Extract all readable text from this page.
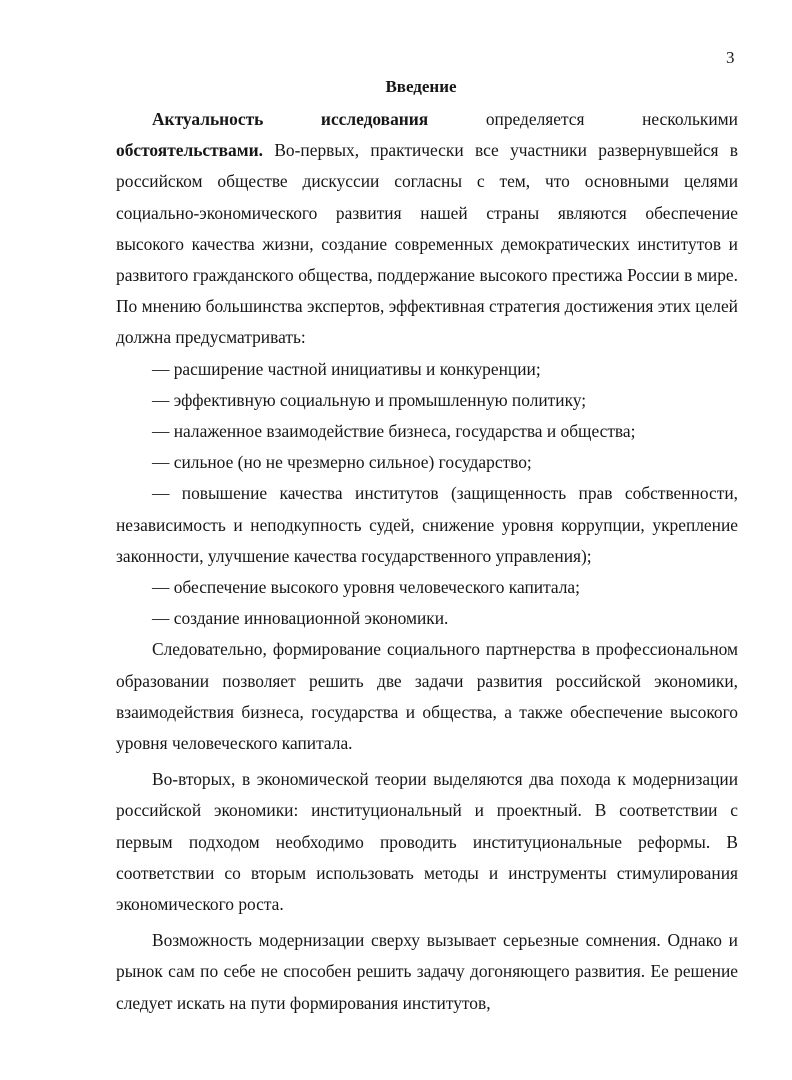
3
Введение
Актуальность	исследования	определяется	несколькими

обстоятельствами. Во-первых, практически все участники развернувшейся в российском обществе дискуссии согласны с тем, что основными целями социально-экономического развития нашей страны являются обеспечение высокого качества жизни, создание современных демократических институтов и развитого гражданского общества, поддержание высокого престижа России в мире. По мнению большинства экспертов, эффективная стратегия достижения этих целей должна предусматривать:

— расширение частной инициативы и конкуренции;

— эффективную социальную и промышленную политику;

— налаженное взаимодействие бизнеса, государства и общества;

— сильное (но не чрезмерно сильное) государство;

— повышение качества институтов (защищенность прав собственности, независимость и неподкупность судей, снижение уровня коррупции, укрепление законности, улучшение качества государственного управления);

— обеспечение высокого уровня человеческого капитала;

— создание инновационной экономики.

Следовательно, формирование социального партнерства в профессиональном образовании позволяет решить две задачи развития российской экономики, взаимодействия бизнеса, государства и общества, а также обеспечение высокого уровня человеческого капитала.

Во-вторых, в экономической теории выделяются два похода к модернизации российской экономики: институциональный и проектный. В соответствии с первым подходом необходимо проводить институциональные реформы. В соответствии со вторым использовать методы и инструменты стимулирования экономического роста.

Возможность модернизации сверху вызывает серьезные сомнения. Однако и рынок сам по себе не способен решить задачу догоняющего развития. Ее решение следует искать на пути формирования институтов,
